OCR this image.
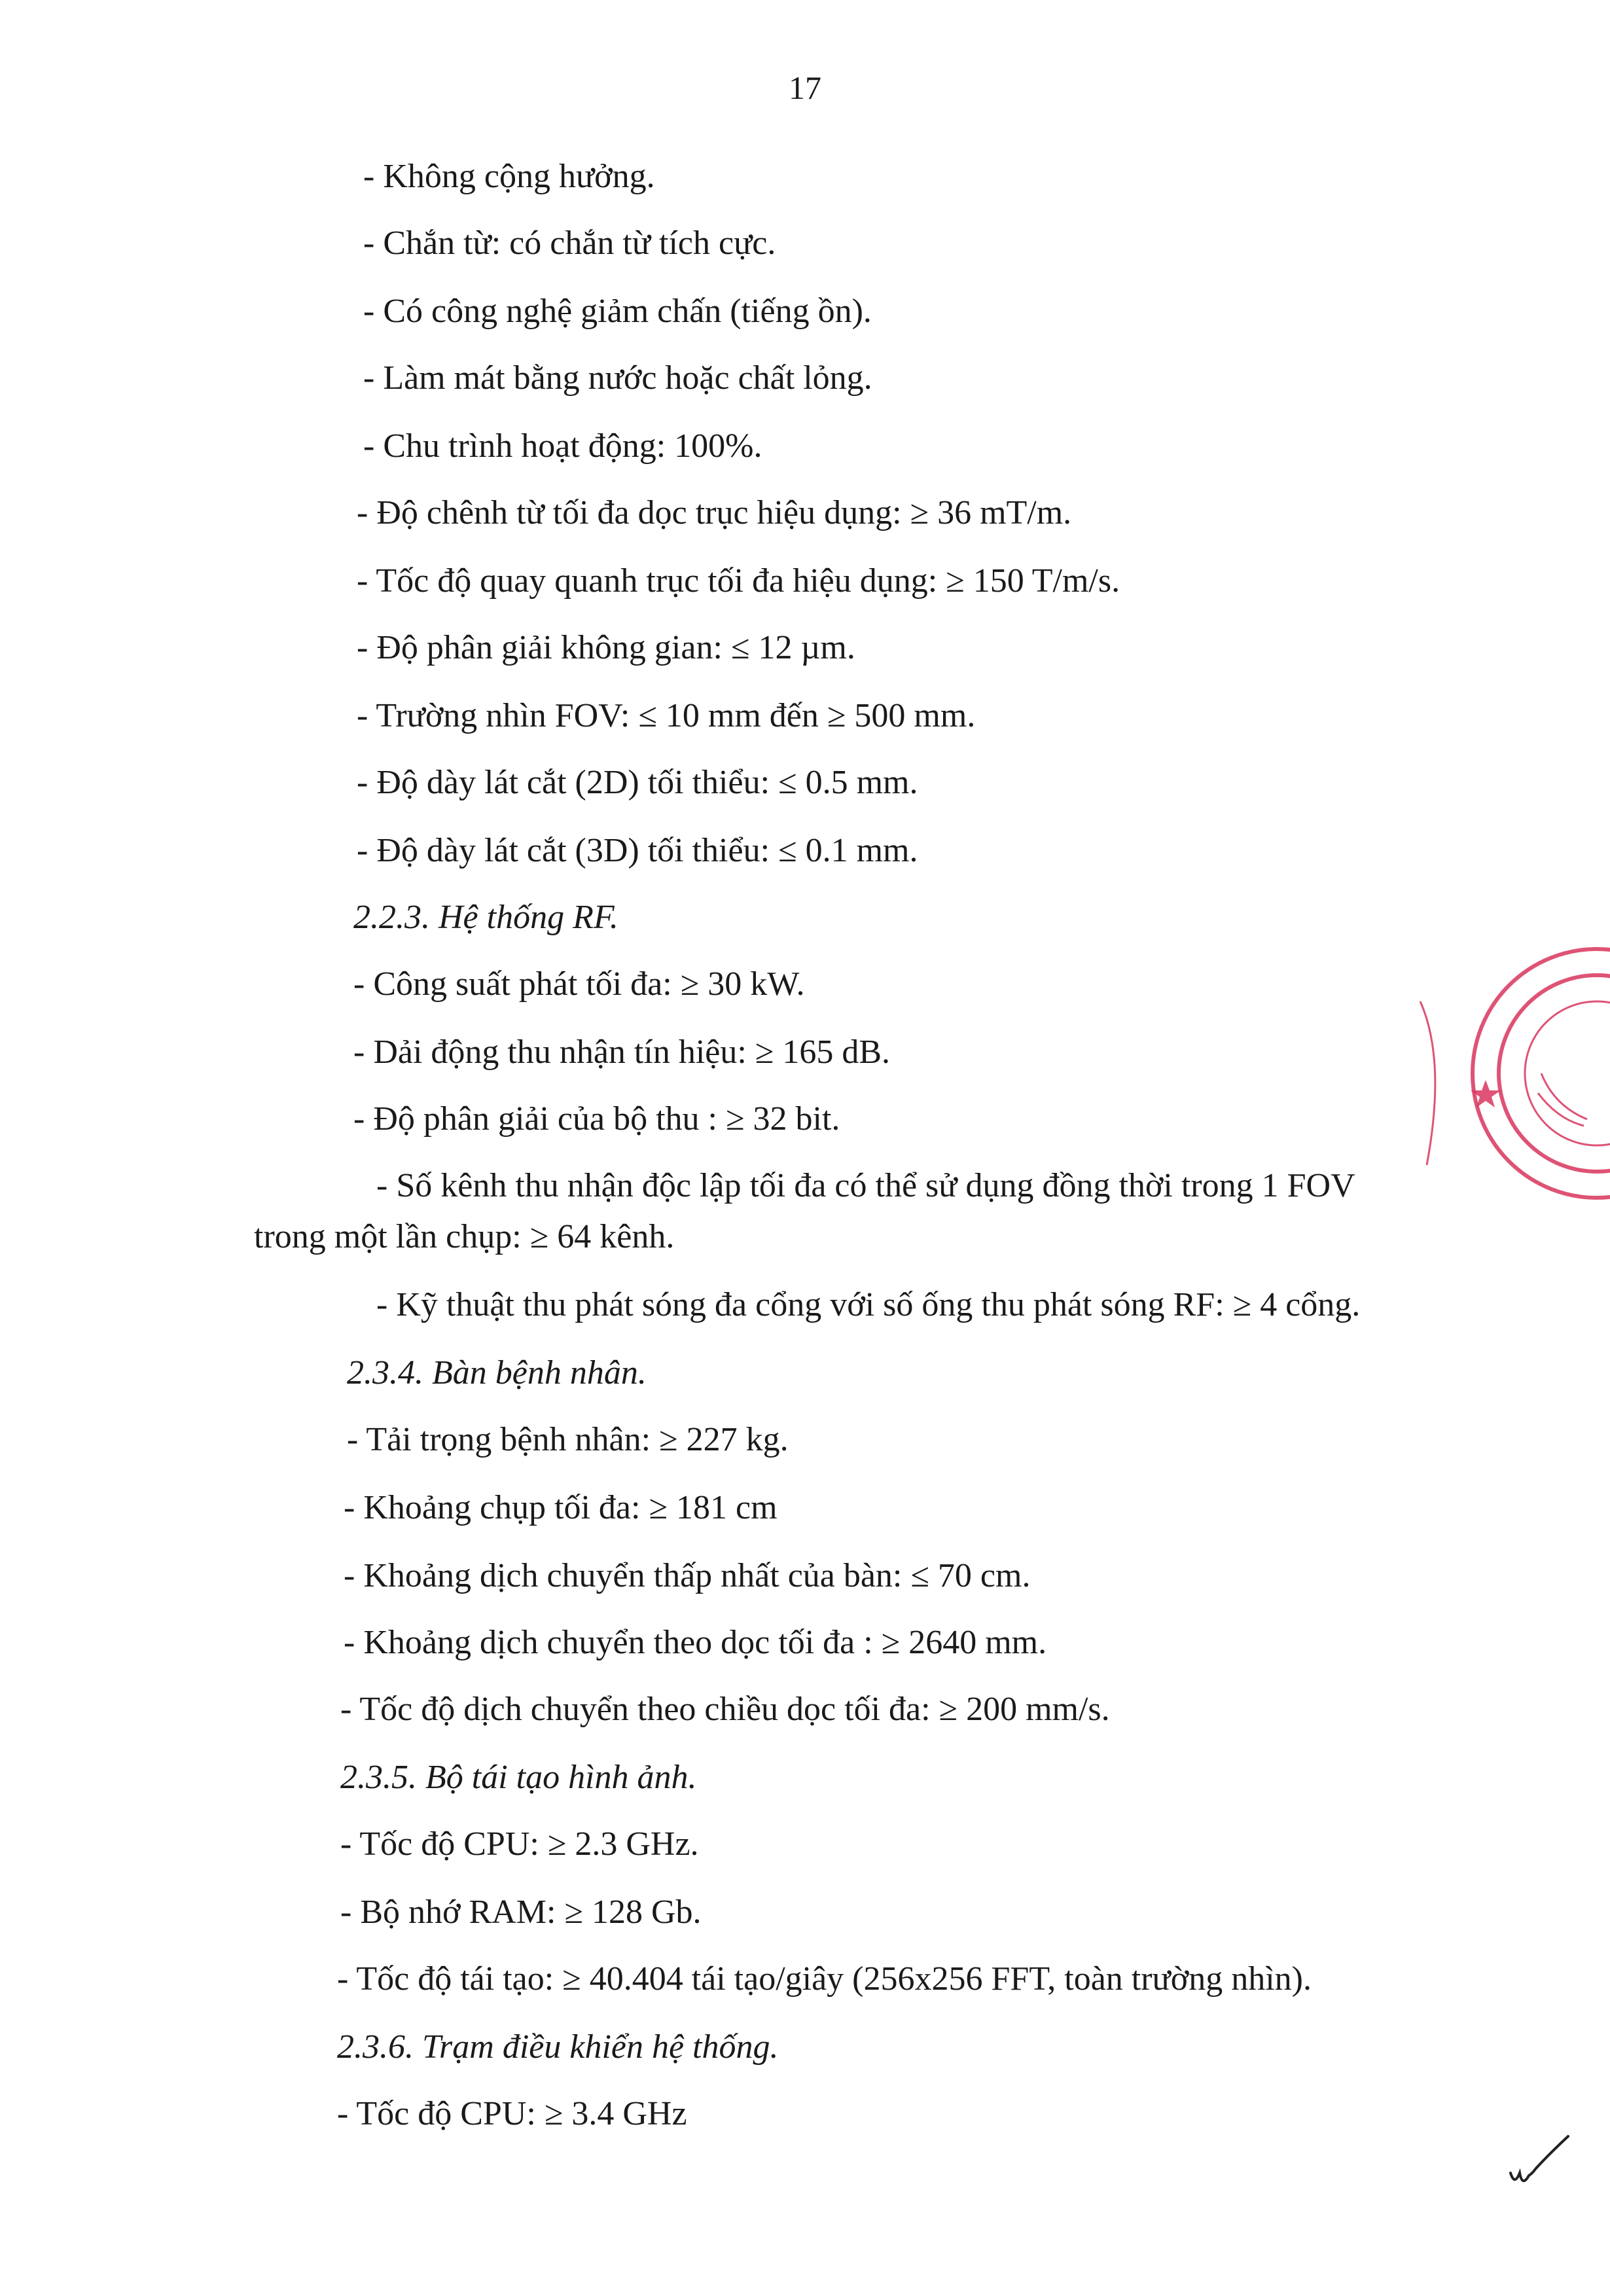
17
- Không cộng hưởng.
- Chắn từ: có chắn từ tích cực.
- Có công nghệ giảm chấn (tiếng ồn).
- Làm mát bằng nước hoặc chất lỏng.
- Chu trình hoạt động: 100%.
- Độ chênh từ tối đa dọc trục hiệu dụng: ≥ 36 mT/m.
- Tốc độ quay quanh trục tối đa hiệu dụng: ≥ 150 T/m/s.
- Độ phân giải không gian: ≤ 12 µm.
- Trường nhìn FOV: ≤ 10 mm đến ≥ 500 mm.
- Độ dày lát cắt (2D) tối thiểu: ≤ 0.5 mm.
- Độ dày lát cắt (3D) tối thiểu: ≤ 0.1 mm.
2.2.3. Hệ thống RF.
- Công suất phát tối đa: ≥ 30 kW.
- Dải động thu nhận tín hiệu: ≥ 165 dB.
- Độ phân giải của bộ thu : ≥ 32 bit.
- Số kênh thu nhận độc lập tối đa có thể sử dụng đồng thời trong 1 FOV
trong một lần chụp: ≥ 64 kênh.
- Kỹ thuật thu phát sóng đa cổng với số ống thu phát sóng RF: ≥ 4 cổng.
2.3.4. Bàn bệnh nhân.
- Tải trọng bệnh nhân: ≥ 227 kg.
- Khoảng chụp tối đa: ≥ 181 cm
- Khoảng dịch chuyển thấp nhất của bàn: ≤ 70 cm.
- Khoảng dịch chuyển theo dọc tối đa : ≥ 2640 mm.
- Tốc độ dịch chuyển theo chiều dọc tối đa: ≥ 200 mm/s.
2.3.5. Bộ tái tạo hình ảnh.
- Tốc độ CPU: ≥ 2.3 GHz.
- Bộ nhớ RAM: ≥ 128 Gb.
- Tốc độ tái tạo: ≥ 40.404 tái tạo/giây (256x256 FFT, toàn trường nhìn).
2.3.6. Trạm điều khiển hệ thống.
- Tốc độ CPU: ≥ 3.4 GHz
